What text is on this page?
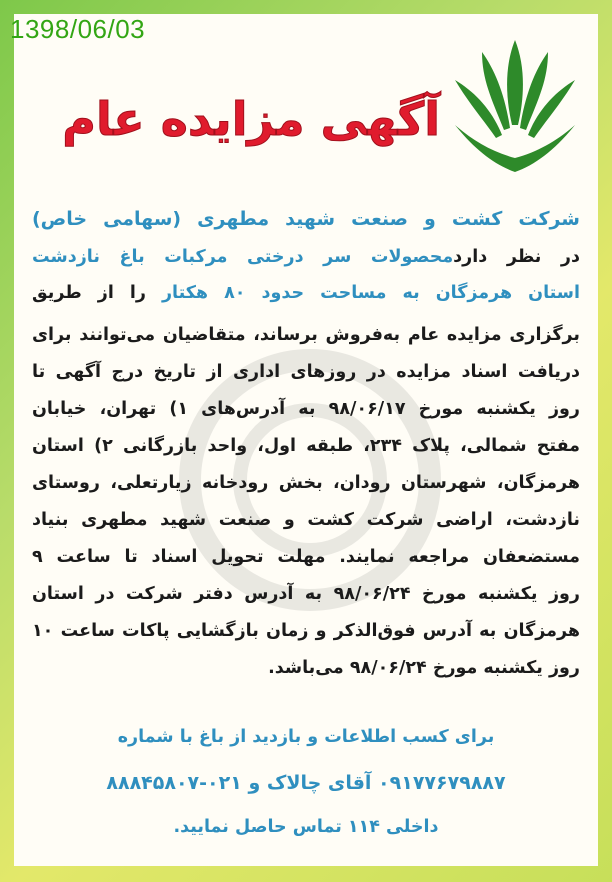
1398/06/03
آگهی مزایده عام
شرکت کشت و صنعت شهید مطهری (سهامی خاص)
در نظر داردمحصولات سر درختی مرکبات باغ نازدشت
استان هرمزگان به مساحت حدود ۸۰ هکتار را از طریق
برگزاری مزایده عام به‌فروش برساند، متقاضیان می‌توانند برای
دریافت اسناد مزایده در روزهای اداری از تاریخ درج آگهی تا
روز یکشنبه مورخ ۹۸/۰۶/۱۷ به آدرس‌های ۱) تهران، خیابان
مفتح شمالی، پلاک ۲۳۴، طبقه اول، واحد بازرگانی ۲) استان
هرمزگان، شهرستان رودان، بخش رودخانه زیارتعلی، روستای
نازدشت، اراضی شرکت کشت و صنعت شهید مطهری بنیاد
مستضعفان مراجعه نمایند. مهلت تحویل اسناد تا ساعت ۹
روز یکشنبه مورخ ۹۸/۰۶/۲۴ به آدرس دفتر شرکت در استان
هرمزگان به آدرس فوق‌الذکر و زمان بازگشایی پاکات ساعت ۱۰
روز یکشنبه مورخ ۹۸/۰۶/۲۴ می‌باشد.
برای کسب اطلاعات و بازدید از باغ با شماره
۰۹۱۷۷۶۷۹۸۸۷ آقای چالاک و ۰۲۱-۸۸۸۴۵۸۰۷
داخلی ۱۱۴ تماس حاصل نمایید.
